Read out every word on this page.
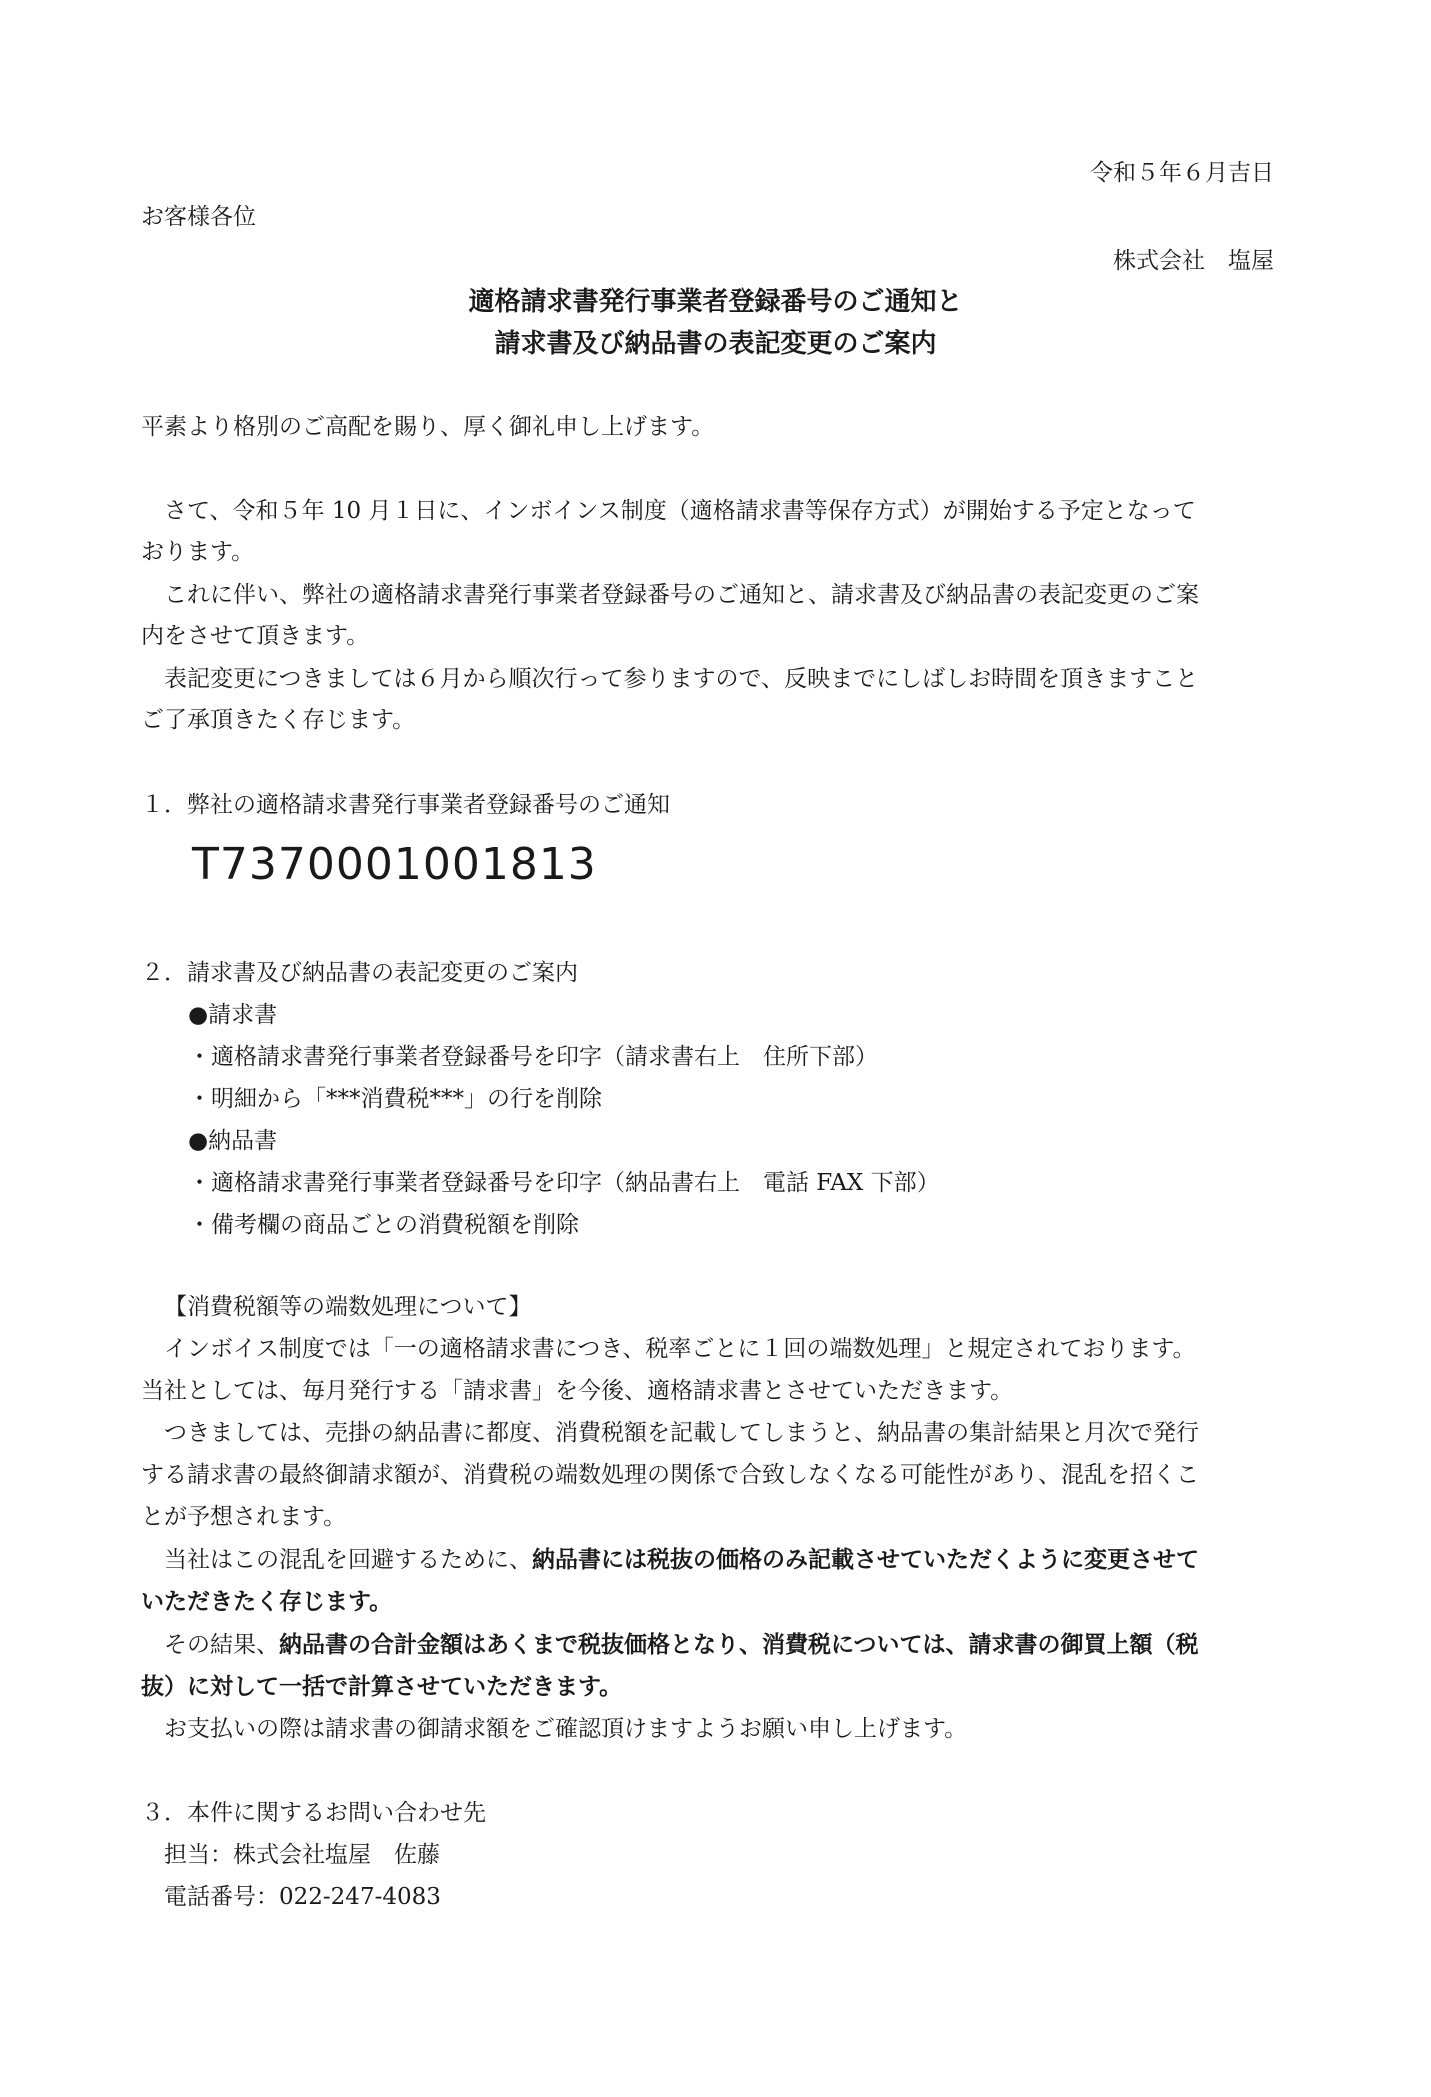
令和５年６月吉日
お客様各位
株式会社　塩屋
適格請求書発行事業者登録番号のご通知と
請求書及び納品書の表記変更のご案内
平素より格別のご高配を賜り、厚く御礼申し上げます。
　さて、令和５年 10 月１日に、インボインス制度（適格請求書等保存方式）が開始する予定となって
おります。
　これに伴い、弊社の適格請求書発行事業者登録番号のご通知と、請求書及び納品書の表記変更のご案
内をさせて頂きます。
　表記変更につきましては６月から順次行って参りますので、反映までにしばしお時間を頂きますこと
ご了承頂きたく存じます。
１．弊社の適格請求書発行事業者登録番号のご通知
T7370001001813
２．請求書及び納品書の表記変更のご案内
●請求書
・適格請求書発行事業者登録番号を印字（請求書右上　住所下部）
・明細から「***消費税***」の行を削除
●納品書
・適格請求書発行事業者登録番号を印字（納品書右上　電話 FAX 下部）
・備考欄の商品ごとの消費税額を削除
【消費税額等の端数処理について】
　インボイス制度では「一の適格請求書につき、税率ごとに１回の端数処理」と規定されております。
当社としては、毎月発行する「請求書」を今後、適格請求書とさせていただきます。
　つきましては、売掛の納品書に都度、消費税額を記載してしまうと、納品書の集計結果と月次で発行
する請求書の最終御請求額が、消費税の端数処理の関係で合致しなくなる可能性があり、混乱を招くこ
とが予想されます。
　当社はこの混乱を回避するために、納品書には税抜の価格のみ記載させていただくように変更させて
いただきたく存じます。
　その結果、納品書の合計金額はあくまで税抜価格となり、消費税については、請求書の御買上額（税
抜）に対して一括で計算させていただきます。
　お支払いの際は請求書の御請求額をご確認頂けますようお願い申し上げます。
３．本件に関するお問い合わせ先
　担当：株式会社塩屋　佐藤
　電話番号：022-247-4083
